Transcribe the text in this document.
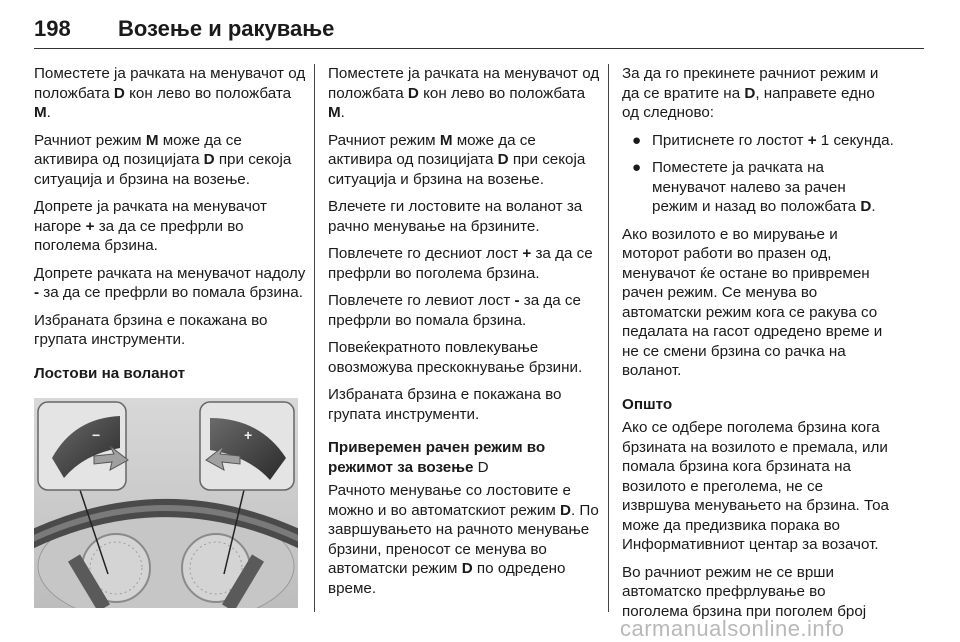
198 Возење и ракување

Поместете ја рачката на менувачот од положбата D кон лево во положбата M.

Рачниот режим M може да се активира од позицијата D при секоја ситуација и брзина на возење.

Допрете ја рачката на менувачот нагоре + за да се префрли во поголема брзина.

Допрете рачката на менувачот надолу - за да се префрли во помала брзина.

Избраната брзина е покажана во групата инструменти.

Лостови на воланот

−	+

Поместете ја рачката на менувачот од положбата D кон лево во положбата M.

Рачниот режим M може да се активира од позицијата D при секоја ситуација и брзина на возење.

Влечете ги лостовите на воланот за рачно менување на брзините.

Повлечете го десниот лост + за да се префрли во поголема брзина.

Повлечете го левиот лост - за да се префрли во помала брзина.

Повеќекратното повлекување овозможува прескокнување брзини.

Избраната брзина е покажана во групата инструменти.

Приверемен рачен режим во режимот за возење D

Рачното менување со лостовите е можно и во автоматскиот режим D. По завршувањето на рачното менување брзини, преносот се менува во автоматски режим D по одредено време.

За да го прекинете рачниот режим и да се вратите на D, направете едно од следново:

● Притиснете го лостот + 1 секунда.
● Поместете ја рачката на менувачот налево за рачен режим и назад во положбата D.

Ако возилото е во мирување и моторот работи во празен од, менувачот ќе остане во привремен рачен режим. Се менува во автоматски режим кога се ракува со педалата на гасот одредено време и не се смени брзина со рачка на воланот.

Општо

Ако се одбере поголема брзина кога брзината на возилото е премала, или помала брзина кога брзината на возилото е преголема, не се извршува менувањето на брзина. Тоа може да предизвика порака во Информативниот центар за возачот.

Во рачниот режим не се врши автоматско префрлување во поголема брзина при поголем број

carmanualsonline.info
